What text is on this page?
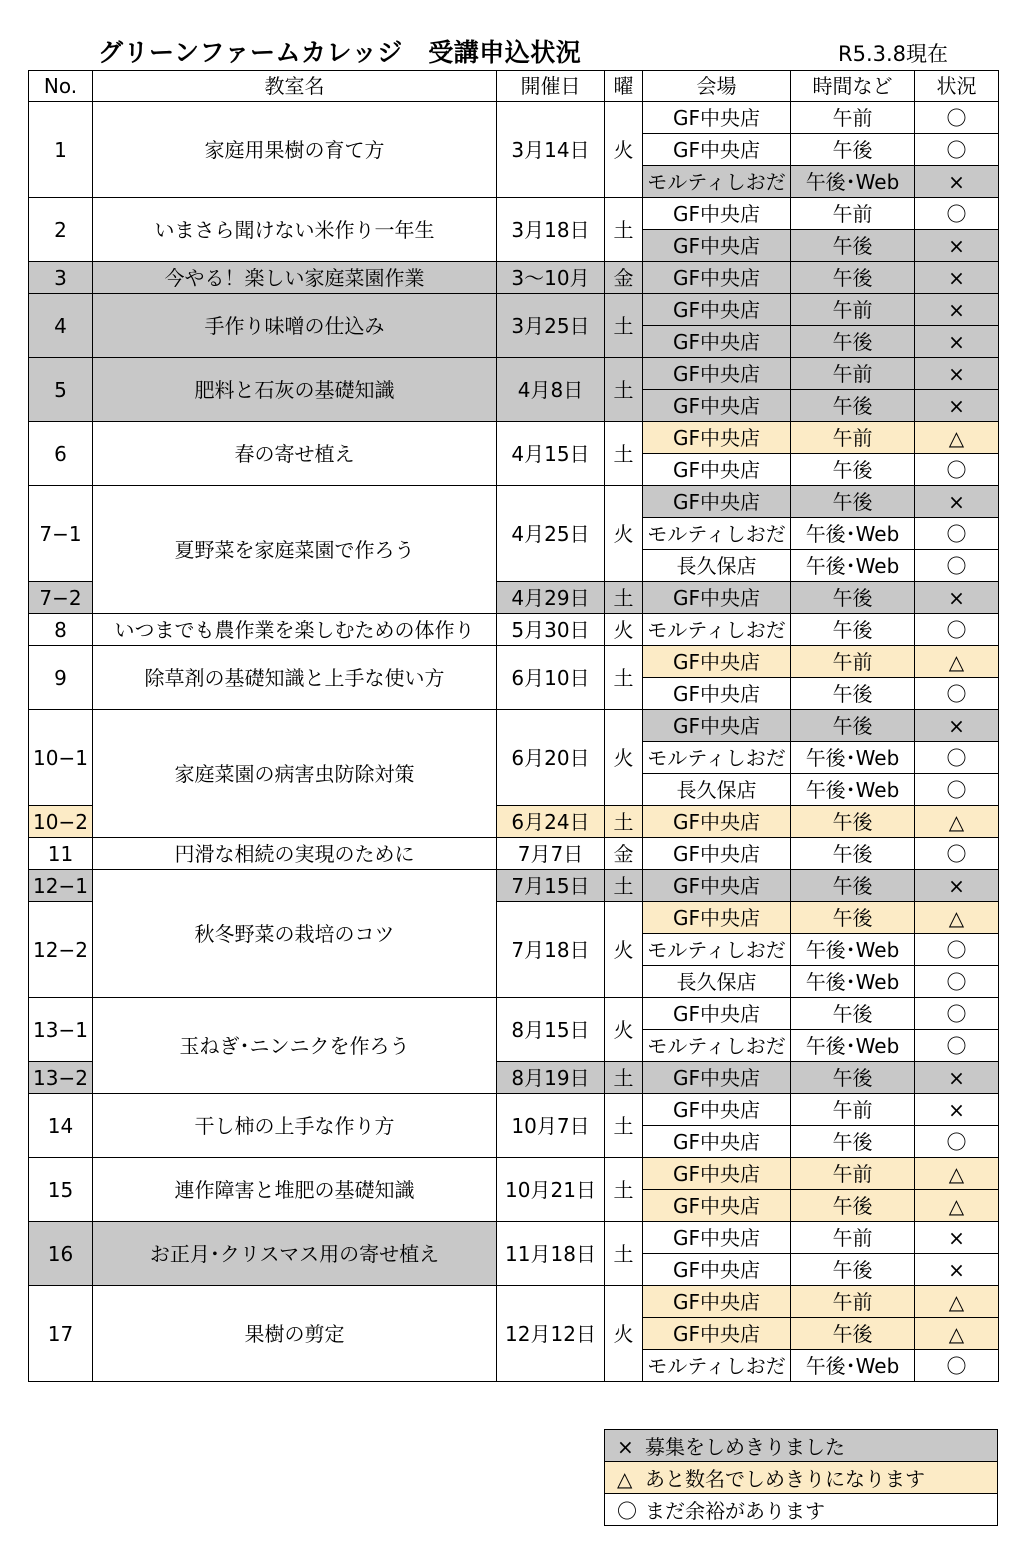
グリーンファームカレッジ　受講申込状況	R5.3.8現在
No.	教室名	開催日	曜	会場	時間など	状況
1	家庭用果樹の育て方	3月14日	火	GF中央店	午前	〇
				GF中央店	午後	〇
				モルティしおだ	午後･Web	×
2	いまさら聞けない米作り一年生	3月18日	土	GF中央店	午前	〇
				GF中央店	午後	×
3	今やる！楽しい家庭菜園作業	3～10月	金	GF中央店	午後	×
4	手作り味噌の仕込み	3月25日	土	GF中央店	午前	×
				GF中央店	午後	×
5	肥料と石灰の基礎知識	4月8日	土	GF中央店	午前	×
				GF中央店	午後	×
6	春の寄せ植え	4月15日	土	GF中央店	午前	△
				GF中央店	午後	〇
7−1	夏野菜を家庭菜園で作ろう	4月25日	火	GF中央店	午後	×
				モルティしおだ	午後･Web	〇
				長久保店	午後･Web	〇
7−2		4月29日	土	GF中央店	午後	×
8	いつまでも農作業を楽しむための体作り	5月30日	火	モルティしおだ	午後	〇
9	除草剤の基礎知識と上手な使い方	6月10日	土	GF中央店	午前	△
				GF中央店	午後	〇
10−1	家庭菜園の病害虫防除対策	6月20日	火	GF中央店	午後	×
				モルティしおだ	午後･Web	〇
				長久保店	午後･Web	〇
10−2		6月24日	土	GF中央店	午後	△
11	円滑な相続の実現のために	7月7日	金	GF中央店	午後	〇
12−1	秋冬野菜の栽培のコツ	7月15日	土	GF中央店	午後	×
12−2		7月18日	火	GF中央店	午後	△
				モルティしおだ	午後･Web	〇
				長久保店	午後･Web	〇
13−1	玉ねぎ･ニンニクを作ろう	8月15日	火	GF中央店	午後	〇
				モルティしおだ	午後･Web	〇
13−2		8月19日	土	GF中央店	午後	×
14	干し柿の上手な作り方	10月7日	土	GF中央店	午前	×
				GF中央店	午後	〇
15	連作障害と堆肥の基礎知識	10月21日	土	GF中央店	午前	△
				GF中央店	午後	△
16	お正月･クリスマス用の寄せ植え	11月18日	土	GF中央店	午前	×
				GF中央店	午後	×
17	果樹の剪定	12月12日	火	GF中央店	午前	△
				GF中央店	午後	△
				モルティしおだ	午後･Web	〇
× 募集をしめきりました
△ あと数名でしめきりになります
〇 まだ余裕があります
